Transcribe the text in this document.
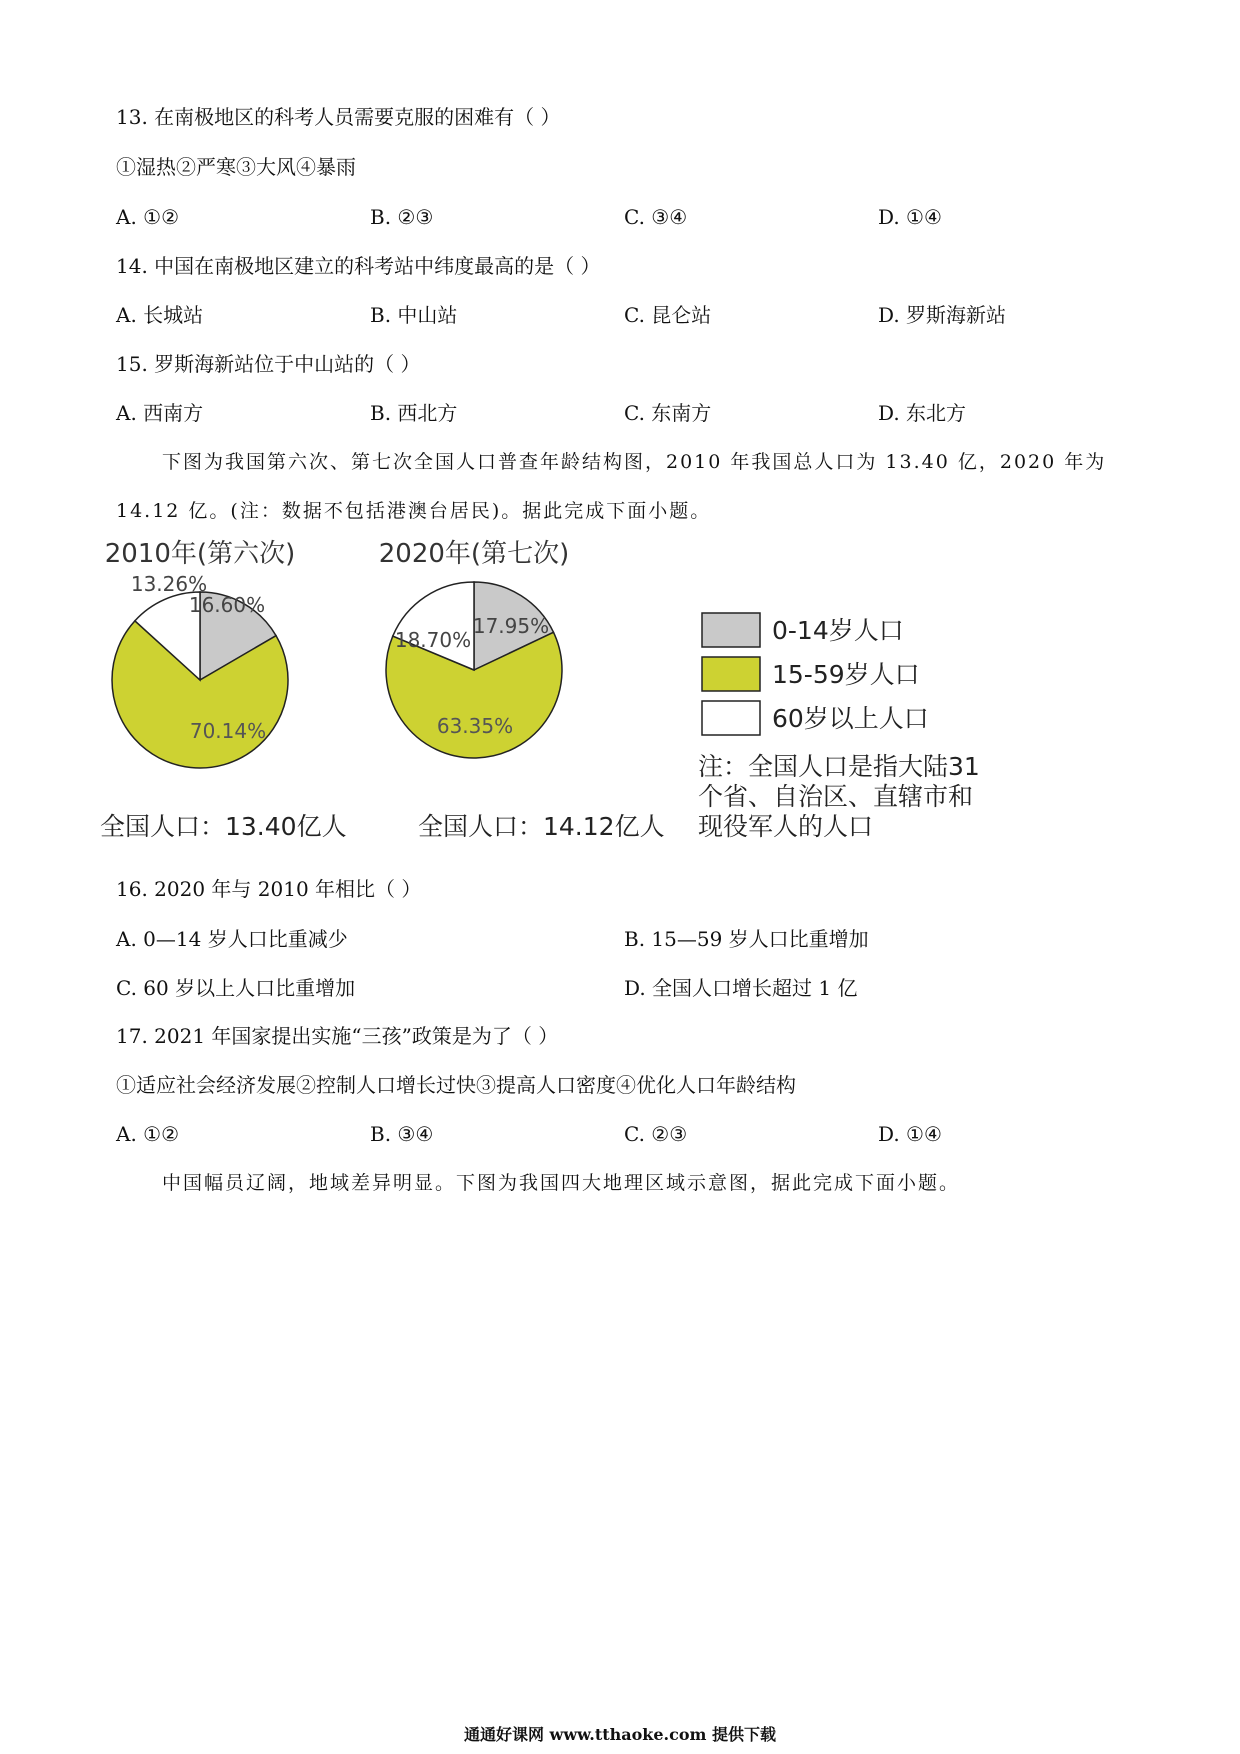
13. 在南极地区的科考人员需要克服的困难有（ ）
①湿热②严寒③大风④暴雨
A. ①②	B. ②③	C. ③④	D. ①④
14. 中国在南极地区建立的科考站中纬度最高的是（ ）
A. 长城站	B. 中山站	C. 昆仑站	D. 罗斯海新站
15. 罗斯海新站位于中山站的（ ）
A. 西南方	B. 西北方	C. 东南方	D. 东北方
下图为我国第六次、第七次全国人口普查年龄结构图，2010 年我国总人口为 13.40 亿，2020 年为
14.12 亿。(注：数据不包括港澳台居民)。据此完成下面小题。
2010年(第六次)
16.60%
70.14%
13.26%
全国人口：13.40亿人
2020年(第七次)
17.95%
63.35%
18.70%
全国人口：14.12亿人
0-14岁人口
15-59岁人口
60岁以上人口
注：全国人口是指大陆31
个省、自治区、直辖市和
现役军人的人口
16. 2020 年与 2010 年相比（ ）
A. 0—14 岁人口比重减少	B. 15—59 岁人口比重增加
C. 60 岁以上人口比重增加	D. 全国人口增长超过 1 亿
17. 2021 年国家提出实施“三孩”政策是为了（ ）
①适应社会经济发展②控制人口增长过快③提高人口密度④优化人口年龄结构
A. ①②	B. ③④	C. ②③	D. ①④
中国幅员辽阔，地域差异明显。下图为我国四大地理区域示意图，据此完成下面小题。
通通好课网 www.tthaoke.com 提供下载
